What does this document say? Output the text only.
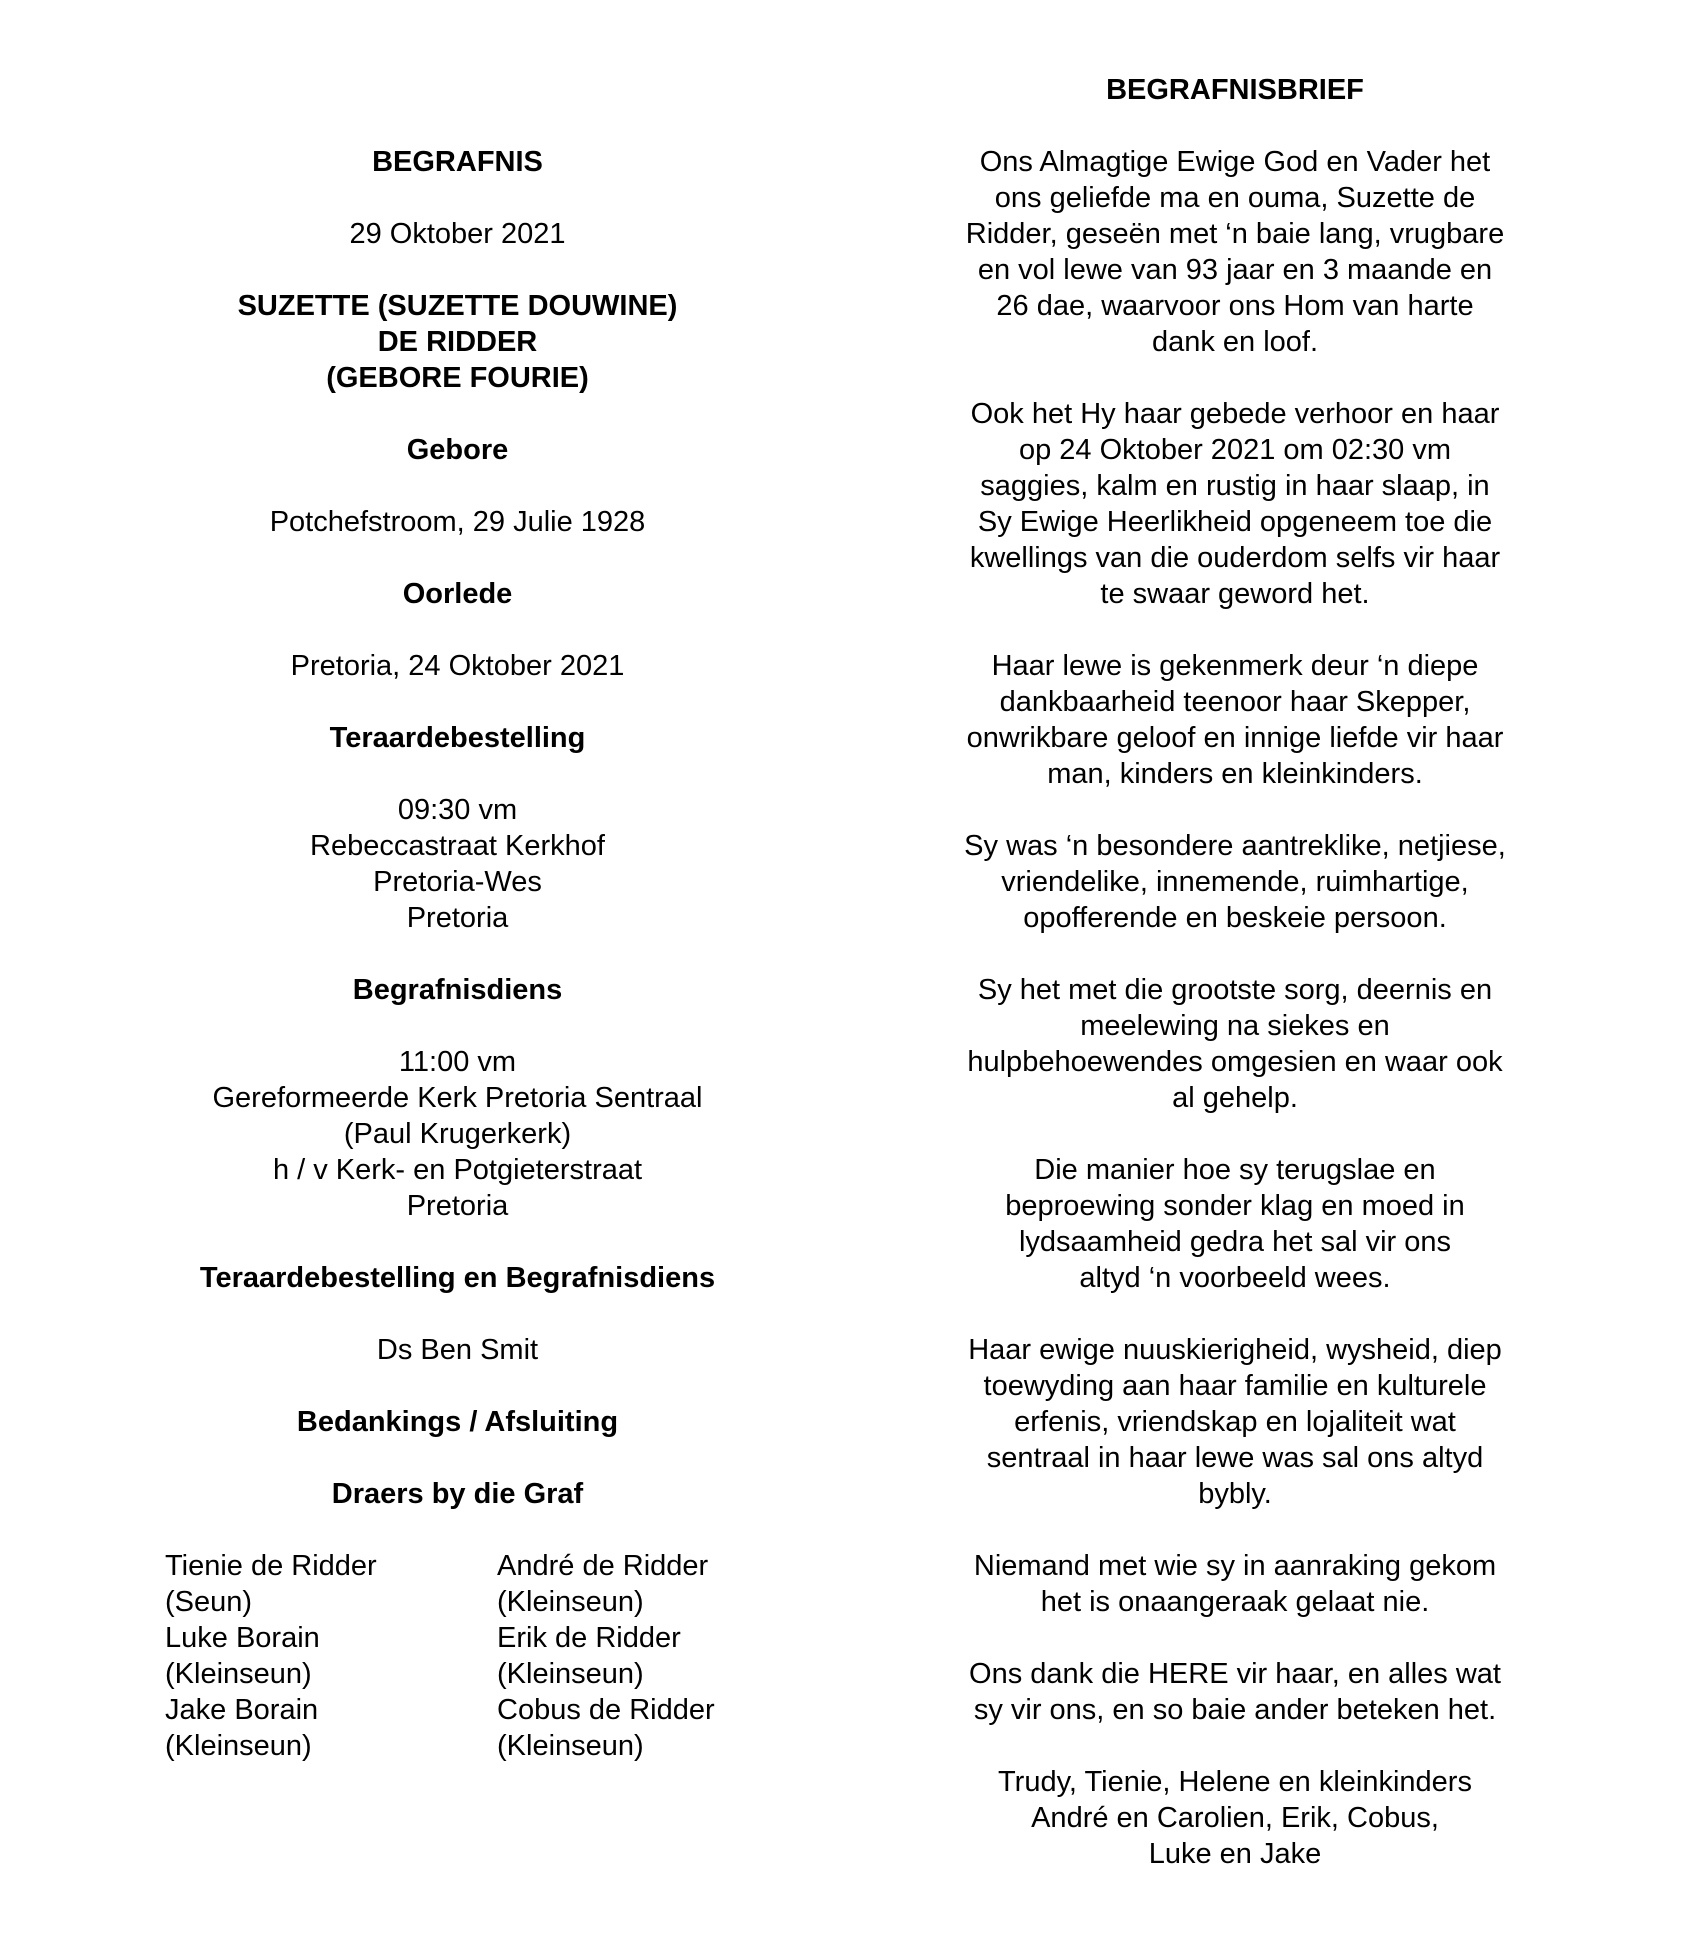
BEGRAFNIS
29 Oktober 2021
SUZETTE (SUZETTE DOUWINE)
DE RIDDER
(GEBORE FOURIE)
Gebore
Potchefstroom, 29 Julie 1928
Oorlede
Pretoria, 24 Oktober 2021
Teraardebestelling
09:30 vm
Rebeccastraat Kerkhof
Pretoria-Wes
Pretoria
Begrafnisdiens
11:00 vm
Gereformeerde Kerk Pretoria Sentraal
(Paul Krugerkerk)
h / v Kerk- en Potgieterstraat
Pretoria
Teraardebestelling en Begrafnisdiens
Ds Ben Smit
Bedankings / Afsluiting
Draers by die Graf
Tienie de Ridder
(Seun)
André de Ridder
(Kleinseun)
Luke Borain
(Kleinseun)
Erik de Ridder
(Kleinseun)
Jake Borain
(Kleinseun)
Cobus de Ridder
(Kleinseun)
BEGRAFNISBRIEF
Ons Almagtige Ewige God en Vader het
ons geliefde ma en ouma, Suzette de
Ridder, geseën met ‘n baie lang, vrugbare
en vol lewe van 93 jaar en 3 maande en
26 dae, waarvoor ons Hom van harte
dank en loof.
Ook het Hy haar gebede verhoor en haar
op 24 Oktober 2021 om 02:30 vm
saggies, kalm en rustig in haar slaap, in
Sy Ewige Heerlikheid opgeneem toe die
kwellings van die ouderdom selfs vir haar
te swaar geword het.
Haar lewe is gekenmerk deur ‘n diepe
dankbaarheid teenoor haar Skepper,
onwrikbare geloof en innige liefde vir haar
man, kinders en kleinkinders.
Sy was ‘n besondere aantreklike, netjiese,
vriendelike, innemende, ruimhartige,
opofferende en beskeie persoon.
Sy het met die grootste sorg, deernis en
meelewing na siekes en
hulpbehoewendes omgesien en waar ook
al gehelp.
Die manier hoe sy terugslae en
beproewing sonder klag en moed in
lydsaamheid gedra het sal vir ons
altyd ‘n voorbeeld wees.
Haar ewige nuuskierigheid, wysheid, diep
toewyding aan haar familie en kulturele
erfenis, vriendskap en lojaliteit wat
sentraal in haar lewe was sal ons altyd
bybly.
Niemand met wie sy in aanraking gekom
het is onaangeraak gelaat nie.
Ons dank die HERE vir haar, en alles wat
sy vir ons, en so baie ander beteken het.
Trudy, Tienie, Helene en kleinkinders
André en Carolien, Erik, Cobus,
Luke en Jake
